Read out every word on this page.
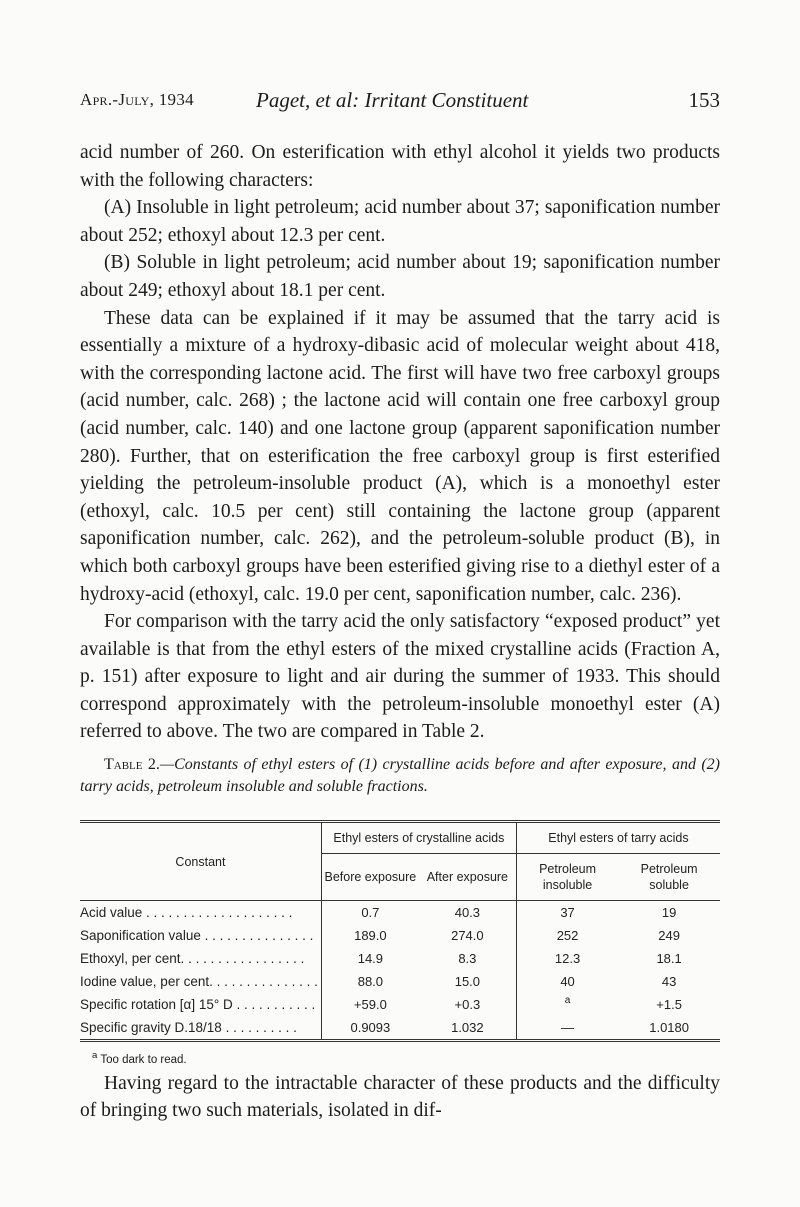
Apr.-July, 1934	Paget, et al: Irritant Constituent	153

acid number of 260. On esterification with ethyl alcohol it yields two products with the following characters:

(A) Insoluble in light petroleum; acid number about 37; saponification number about 252; ethoxyl about 12.3 per cent.

(B) Soluble in light petroleum; acid number about 19; saponification number about 249; ethoxyl about 18.1 per cent.

These data can be explained if it may be assumed that the tarry acid is essentially a mixture of a hydroxy-dibasic acid of molecular weight about 418, with the corresponding lactone acid. The first will have two free carboxyl groups (acid number, calc. 268) ; the lactone acid will contain one free carboxyl group (acid number, calc. 140) and one lactone group (apparent saponification number 280). Further, that on esterification the free carboxyl group is first esterified yielding the petroleum-insoluble product (A), which is a monoethyl ester (ethoxyl, calc. 10.5 per cent) still containing the lactone group (apparent saponification number, calc. 262), and the petroleum-soluble product (B), in which both carboxyl groups have been esterified giving rise to a diethyl ester of a hydroxy-acid (ethoxyl, calc. 19.0 per cent, saponification number, calc. 236).

For comparison with the tarry acid the only satisfactory “exposed product” yet available is that from the ethyl esters of the mixed crystalline acids (Fraction A, p. 151) after exposure to light and air during the summer of 1933. This should correspond approximately with the petroleum-insoluble monoethyl ester (A) referred to above. The two are compared in Table 2.

Table 2.—Constants of ethyl esters of (1) crystalline acids before and after exposure, and (2) tarry acids, petroleum insoluble and soluble fractions.
Constant	Ethyl esters of crystalline acids		Ethyl esters of tarry acids	
	Before exposure	After exposure	Petroleum insoluble	Petroleum soluble
Acid value . . . . . . . . . . . . . . . . . . . .	0.7	40.3	37	19
Saponification value . . . . . . . . . . . . . . .	189.0	274.0	252	249
Ethoxyl, per cent. . . . . . . . . . . . . . . . .	14.9	8.3	12.3	18.1
Iodine value, per cent. . . . . . . . . . . . . . .	88.0	15.0	40	43
Specific rotation [α] 15° D . . . . . . . . . . .	+59.0	+0.3	a	+1.5
Specific gravity D.18/18 . . . . . . . . . .	0.9093	1.032	—	1.0180
$^a$ Too dark to read.

Having regard to the intractable character of these products and the difficulty of bringing two such materials, isolated in dif-
